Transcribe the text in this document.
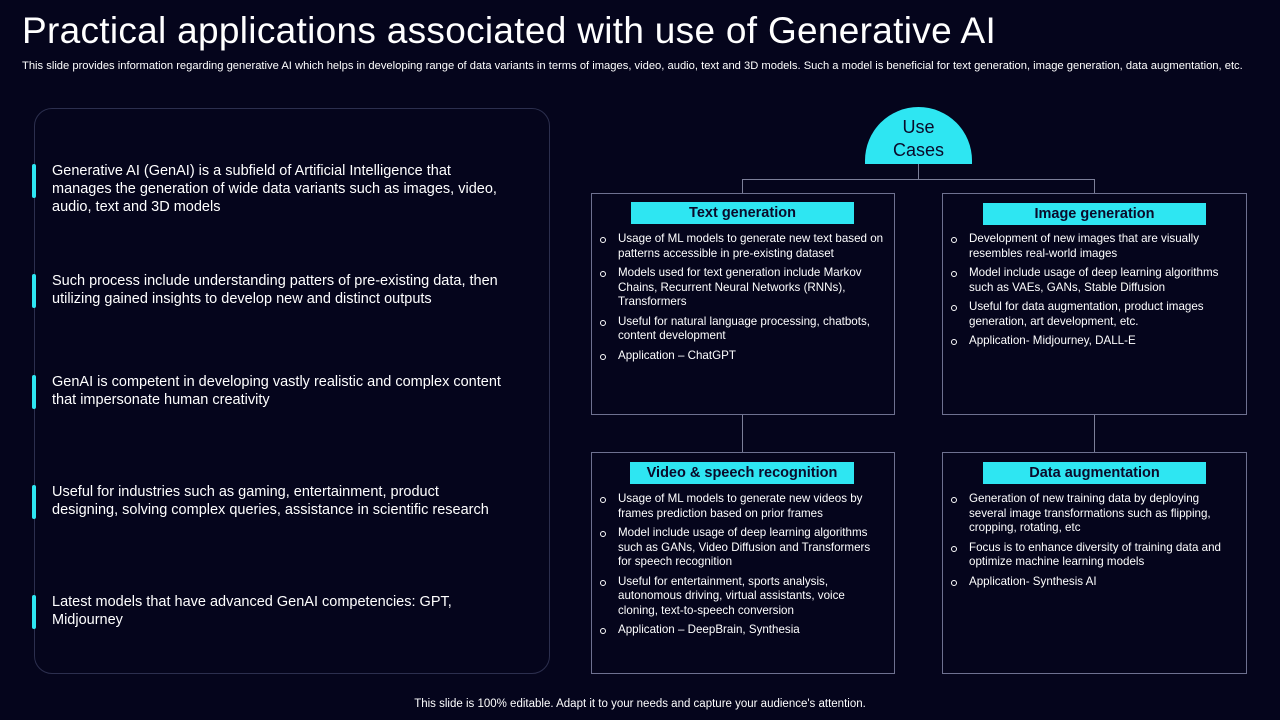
Practical applications associated with use of Generative AI
This slide provides information regarding generative AI which helps in developing range of data variants in terms of images, video, audio, text and 3D models. Such a model is beneficial for text generation, image generation, data augmentation, etc.
Generative AI (GenAI) is a subfield of Artificial Intelligence that manages the generation of wide data variants such as images, video, audio, text and 3D models
Such process include understanding patters of pre-existing data, then utilizing gained insights to develop new and distinct outputs
GenAI is competent in developing vastly realistic and complex content that impersonate human creativity
Useful for industries such as gaming, entertainment, product designing, solving complex queries, assistance in scientific research
Latest models that have advanced GenAI competencies: GPT, Midjourney
Use Cases
Text generation
Usage of ML models to generate new text based on patterns accessible in pre-existing dataset
Models used for text generation include Markov Chains, Recurrent Neural Networks (RNNs), Transformers
Useful for natural language processing, chatbots, content development
Application – ChatGPT
Image generation
Development of new images that are visually resembles real-world images
Model include usage of deep learning algorithms such as VAEs, GANs, Stable Diffusion
Useful for data augmentation, product images generation, art development, etc.
Application- Midjourney, DALL-E
Video & speech recognition
Usage of ML models to generate new videos by frames prediction based on prior frames
Model include usage of deep learning algorithms such as GANs, Video Diffusion and Transformers for speech recognition
Useful for entertainment, sports analysis, autonomous driving, virtual assistants, voice cloning, text-to-speech conversion
Application – DeepBrain, Synthesia
Data augmentation
Generation of new training data by deploying several image transformations such as flipping, cropping, rotating, etc
Focus is to enhance diversity of training data and optimize machine learning models
Application- Synthesis AI
This slide is 100% editable. Adapt it to your needs and capture your audience's attention.
